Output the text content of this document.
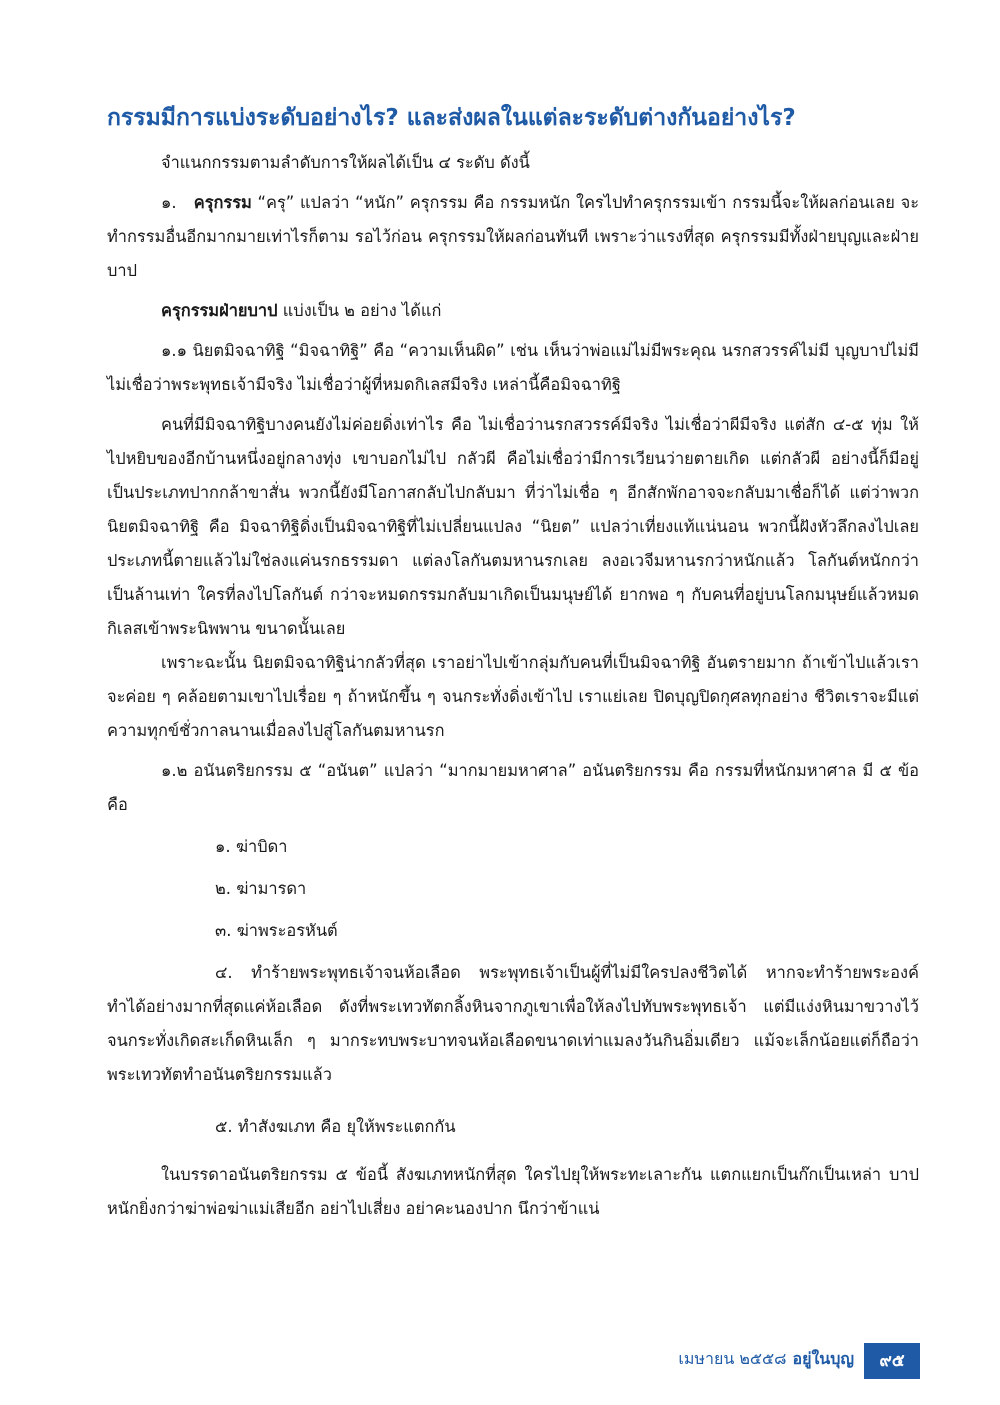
กรรมมีการแบ่งระดับอย่างไร? และส่งผลในแต่ละระดับต่างกันอย่างไร?

จำแนกกรรมตามลำดับการให้ผลได้เป็น ๔ ระดับ ดังนี้

๑. ครุกรรม “ครุ” แปลว่า “หนัก” ครุกรรม คือ กรรมหนัก ใครไปทำครุกรรมเข้า กรรมนี้จะให้ผลก่อนเลย จะทำกรรมอื่นอีกมากมายเท่าไรก็ตาม รอไว้ก่อน ครุกรรมให้ผลก่อนทันที เพราะว่าแรงที่สุด ครุกรรมมีทั้งฝ่ายบุญและฝ่ายบาป

ครุกรรมฝ่ายบาป แบ่งเป็น ๒ อย่าง ได้แก่

๑.๑ นิยตมิจฉาทิฐิ “มิจฉาทิฐิ” คือ “ความเห็นผิด” เช่น เห็นว่าพ่อแม่ไม่มีพระคุณ นรกสวรรค์ไม่มี บุญบาปไม่มี ไม่เชื่อว่าพระพุทธเจ้ามีจริง ไม่เชื่อว่าผู้ที่หมดกิเลสมีจริง เหล่านี้คือมิจฉาทิฐิ

คนที่มีมิจฉาทิฐิบางคนยังไม่ค่อยดิ่งเท่าไร คือ ไม่เชื่อว่านรกสวรรค์มีจริง ไม่เชื่อว่าผีมีจริง แต่สัก ๔-๕ ทุ่ม ให้ไปหยิบของอีกบ้านหนึ่งอยู่กลางทุ่ง เขาบอกไม่ไป กลัวผี คือไม่เชื่อว่ามีการเวียนว่ายตายเกิด แต่กลัวผี อย่างนี้ก็มีอยู่ เป็นประเภทปากกล้าขาสั่น พวกนี้ยังมีโอกาสกลับไปกลับมา ที่ว่าไม่เชื่อ ๆ อีกสักพักอาจจะกลับมาเชื่อก็ได้ แต่ว่าพวกนิยตมิจฉาทิฐิ คือ มิจฉาทิฐิดิ่งเป็นมิจฉาทิฐิที่ไม่เปลี่ยนแปลง “นิยต” แปลว่าเที่ยงแท้แน่นอน พวกนี้ฝังหัวลึกลงไปเลย ประเภทนี้ตายแล้วไม่ใช่ลงแค่นรกธรรมดา แต่ลงโลกันตมหานรกเลย ลงอเวจีมหานรกว่าหนักแล้ว โลกันต์หนักกว่าเป็นล้านเท่า ใครที่ลงไปโลกันต์ กว่าจะหมดกรรมกลับมาเกิดเป็นมนุษย์ได้ ยากพอ ๆ กับคนที่อยู่บนโลกมนุษย์แล้วหมดกิเลสเข้าพระนิพพาน ขนาดนั้นเลย

เพราะฉะนั้น นิยตมิจฉาทิฐิน่ากลัวที่สุด เราอย่าไปเข้ากลุ่มกับคนที่เป็นมิจฉาทิฐิ อันตรายมาก ถ้าเข้าไปแล้วเราจะค่อย ๆ คล้อยตามเขาไปเรื่อย ๆ ถ้าหนักขึ้น ๆ จนกระทั่งดิ่งเข้าไป เราแย่เลย ปิดบุญปิดกุศลทุกอย่าง ชีวิตเราจะมีแต่ความทุกข์ชั่วกาลนานเมื่อลงไปสู่โลกันตมหานรก

๑.๒ อนันตริยกรรม ๕ “อนันต” แปลว่า “มากมายมหาศาล” อนันตริยกรรม คือ กรรมที่หนักมหาศาล มี ๕ ข้อ คือ

๑. ฆ่าบิดา

๒. ฆ่ามารดา

๓. ฆ่าพระอรหันต์

๔. ทำร้ายพระพุทธเจ้าจนห้อเลือด พระพุทธเจ้าเป็นผู้ที่ไม่มีใครปลงชีวิตได้ หากจะทำร้ายพระองค์ ทำได้อย่างมากที่สุดแค่ห้อเลือด ดังที่พระเทวทัตกลิ้งหินจากภูเขาเพื่อให้ลงไปทับพระพุทธเจ้า แต่มีแง่งหินมาขวางไว้ จนกระทั่งเกิดสะเก็ดหินเล็ก ๆ มากระทบพระบาทจนห้อเลือดขนาดเท่าแมลงวันกินอิ่มเดียว แม้จะเล็กน้อยแต่ก็ถือว่าพระเทวทัตทำอนันตริยกรรมแล้ว

๕. ทำสังฆเภท คือ ยุให้พระแตกกัน

ในบรรดาอนันตริยกรรม ๕ ข้อนี้ สังฆเภทหนักที่สุด ใครไปยุให้พระทะเลาะกัน แตกแยกเป็นก๊กเป็นเหล่า บาปหนักยิ่งกว่าฆ่าพ่อฆ่าแม่เสียอีก อย่าไปเสี่ยง อย่าคะนองปาก นึกว่าข้าแน่

เมษายน ๒๕๕๘ อยู่ในบุญ	๙๕
